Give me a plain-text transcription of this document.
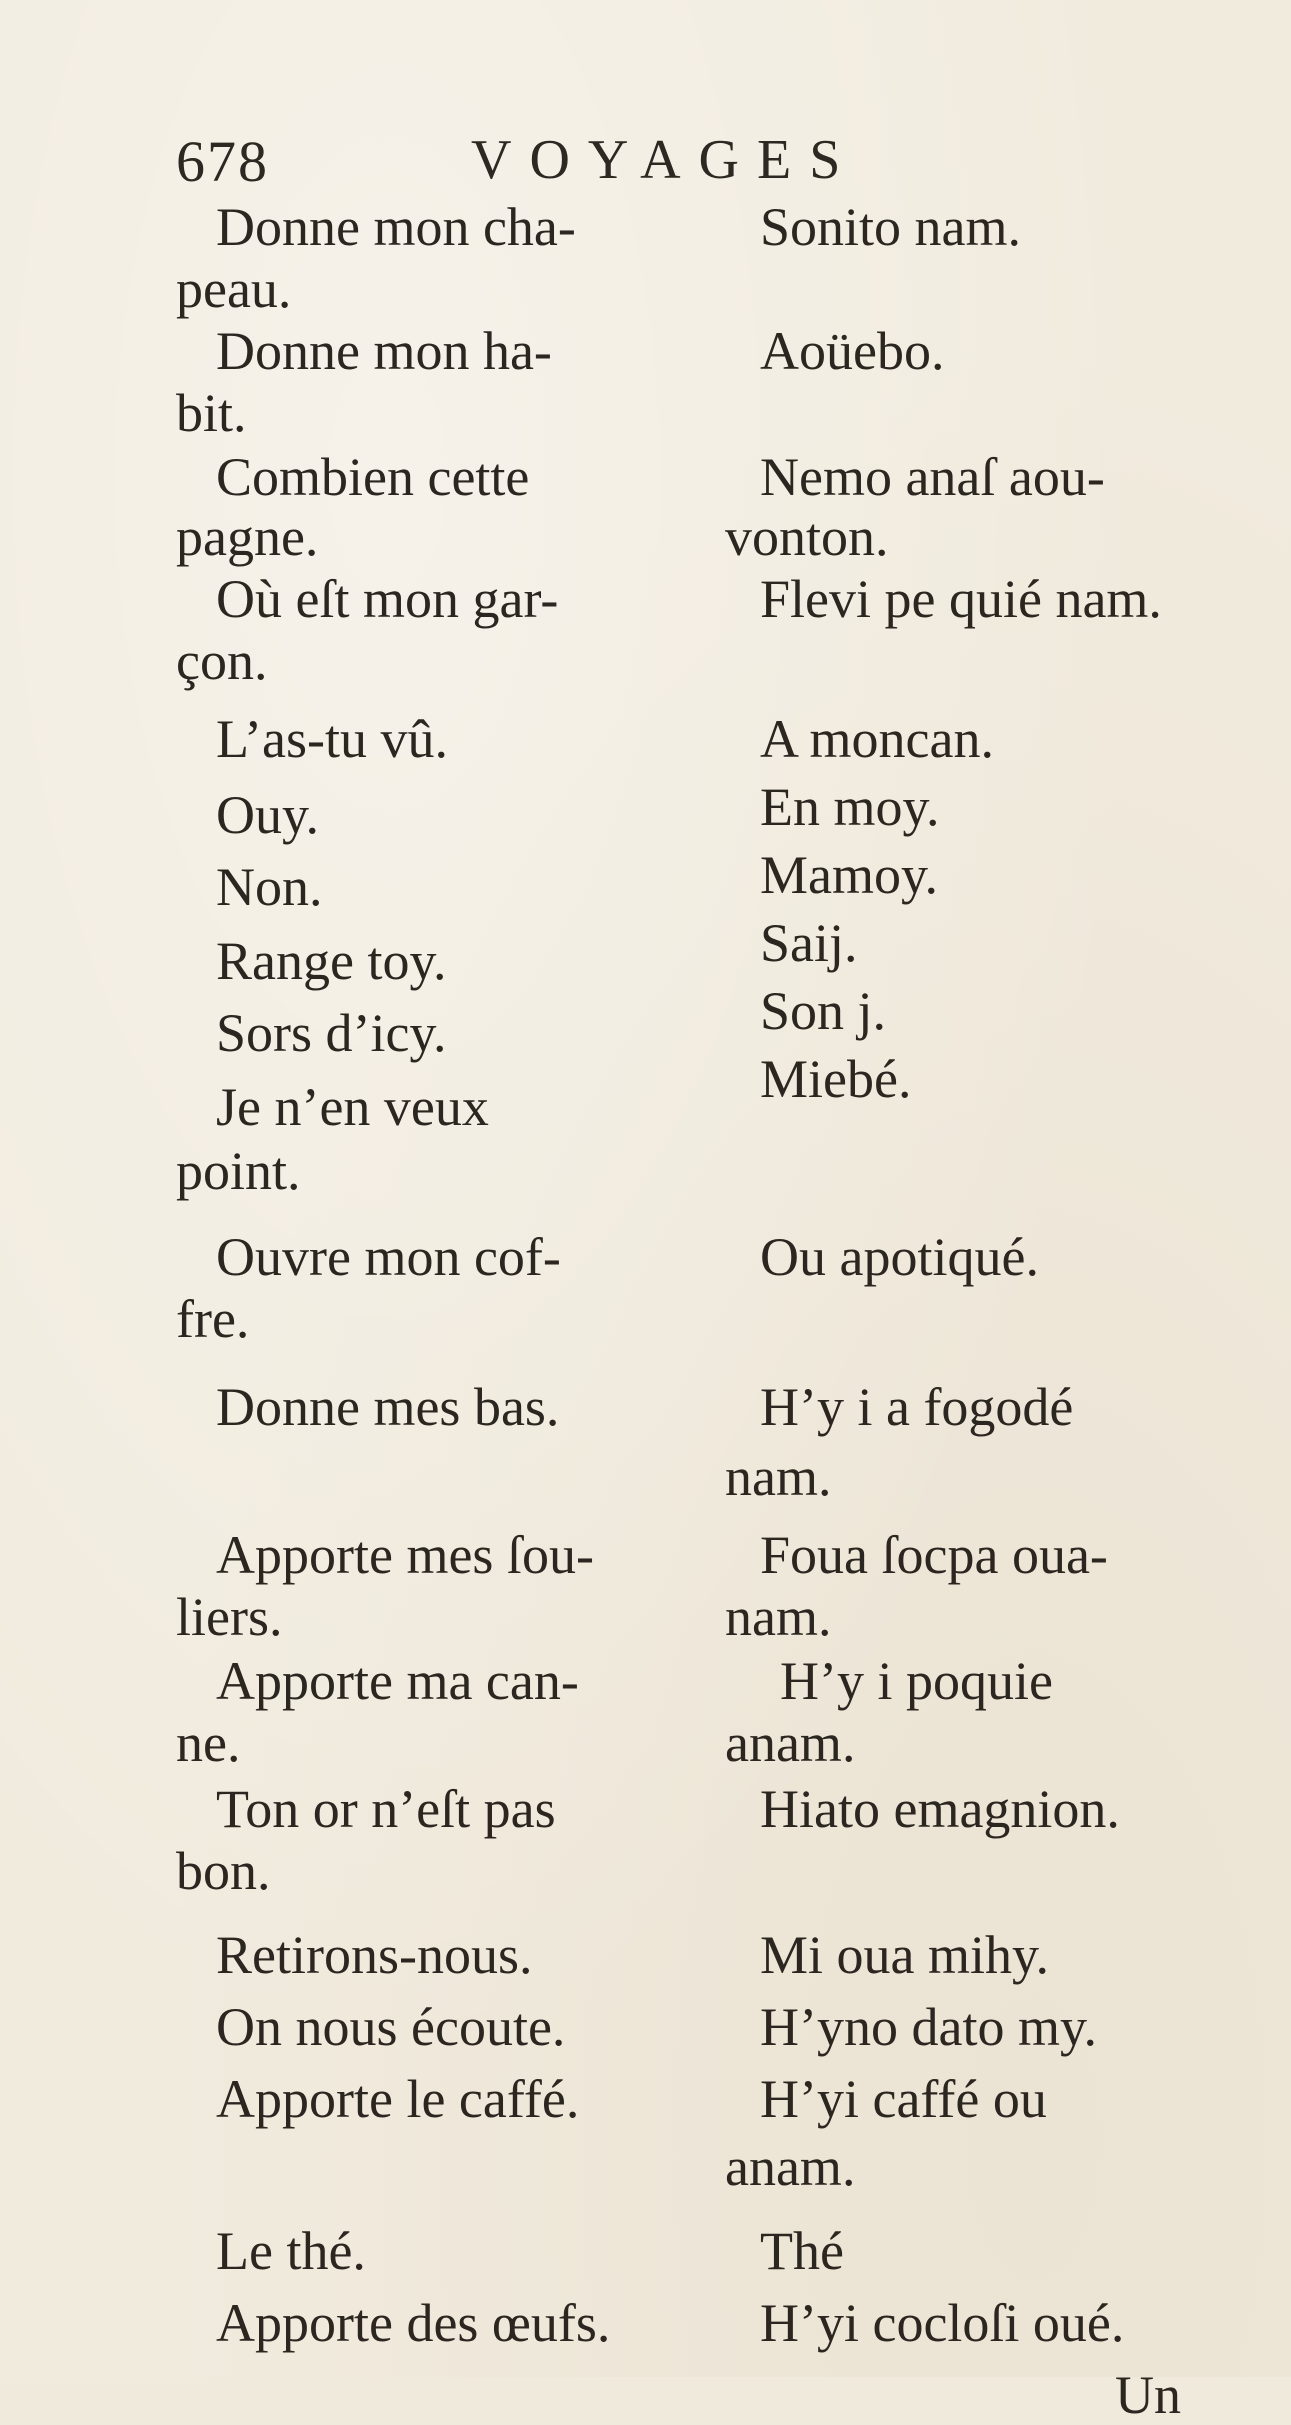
678	VOYAGES
Donne mon cha-
peau.
Donne mon ha-
bit.
Combien cette
pagne.
Où eſt mon gar-
çon.
L’as-tu vû.
Ouy.
Non.
Range toy.
Sors d’icy.
Je n’en veux
point.
Ouvre mon cof-
fre.
Donne mes bas.
Apporte mes ſou-
liers.
Apporte ma can-
ne.
Ton or n’eſt pas
bon.
Retirons-nous.
On nous écoute.
Apporte le caffé.
Le thé.
Apporte des œufs.
Sonito nam.
Aoüebo.
Nemo anaſ aou-
vonton.
Flevi pe quié nam.
A moncan.
En moy.
Mamoy.
Saij.
Son j.
Miebé.
Ou apotiqué.
H’y i a fogodé
nam.
Foua ſocpa oua-
nam.
H’y i poquie
anam.
Hiato emagnion.
Mi oua mihy.
H’yno dato my.
H’yi caffé ou
anam.
Thé
H’yi cocloſi oué.
Un
